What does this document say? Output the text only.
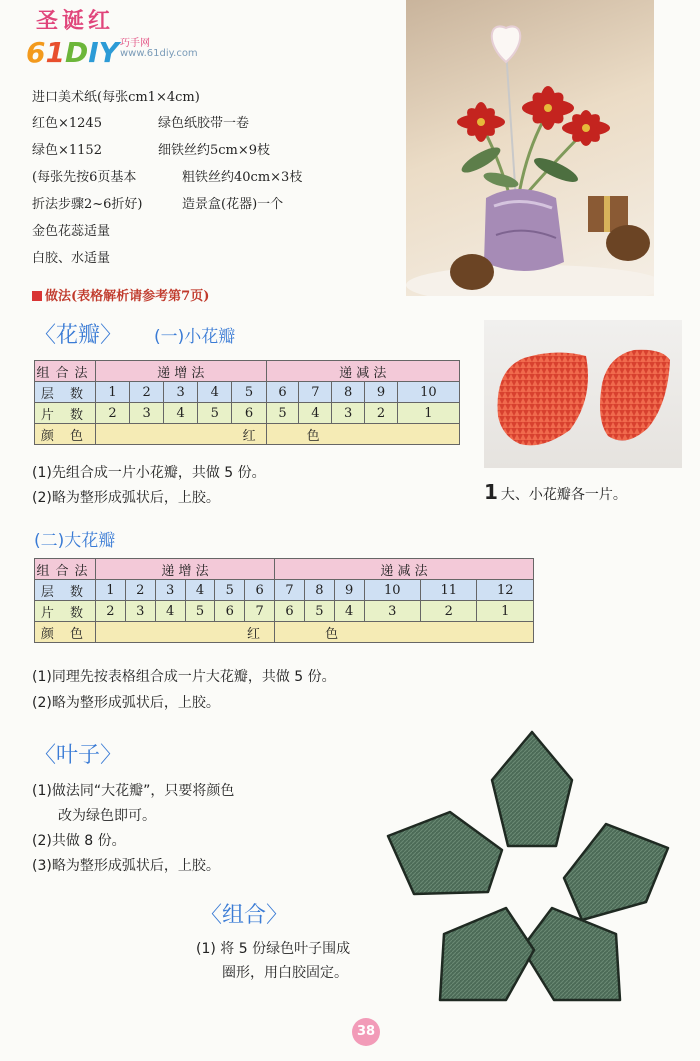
圣诞红
61DIY 巧手网
www.61diy.com
进口美术纸(每张cm1×4cm)
红色×1245	绿色纸胶带一卷
绿色×1152	细铁丝约5cm×9枝
(每张先按6页基本	粗铁丝约40cm×3枝
折法步骤2~6折好)	造景盒(花器)一个
金色花蕊适量
白胶、水适量
做法(表格解析请参考第7页)
〈花瓣〉 (一)小花瓣
组合法	递 增 法					递 减 法				
层 数	1	2	3	4	5	6	7	8	9	10
片 数	2	3	4	5	6	5	4	3	2	1
颜 色	红					色				
(1)先组合成一片小花瓣，共做 5 份。
(2)略为整形成弧状后，上胶。	1 大、小花瓣各一片。
(二)大花瓣
组合法	递 增 法						递 减 法					
层 数	1	2	3	4	5	6	7	8	9	10	11	12
片 数	2	3	4	5	6	7	6	5	4	3	2	1
颜 色	红						色					
(1)同理先按表格组合成一片大花瓣，共做 5 份。
(2)略为整形成弧状后，上胶。
〈叶子〉
(1)做法同“大花瓣”，只要将颜色
改为绿色即可。
(2)共做 8 份。
(3)略为整形成弧状后，上胶。
〈组合〉
(1) 将 5 份绿色叶子围成
圈形，用白胶固定。
38
